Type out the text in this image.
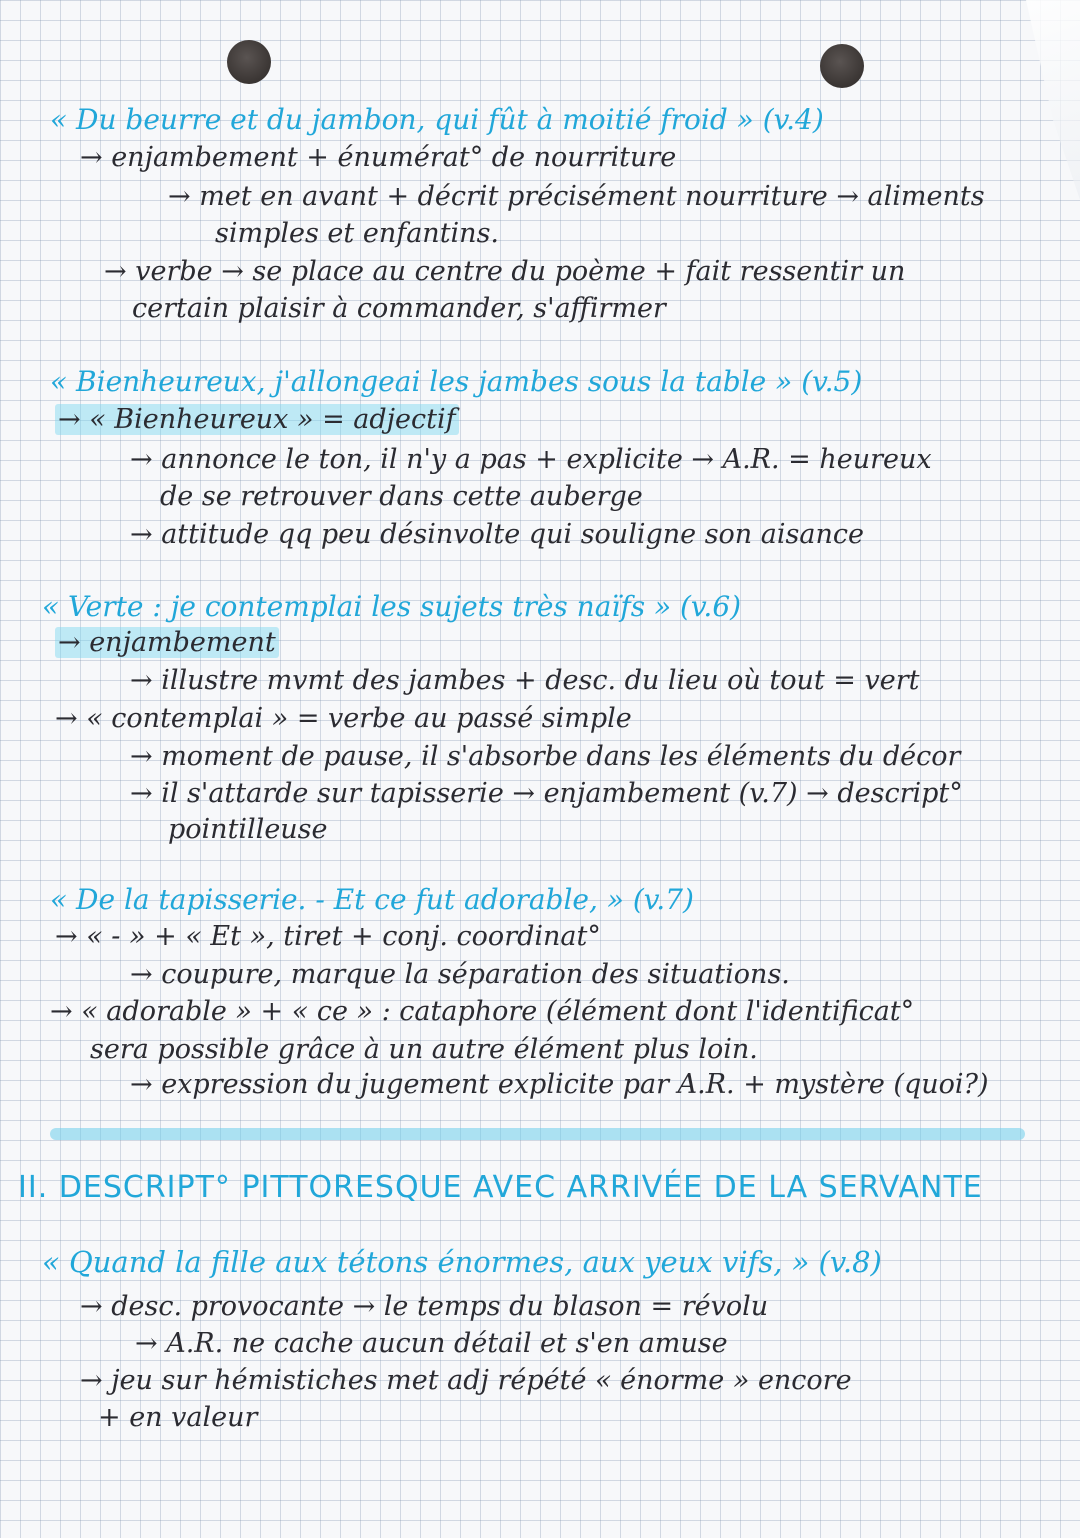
« Du beurre et du jambon, qui fût à moitié froid » (v.4)
→ enjambement + énumérat° de nourriture
→ met en avant + décrit précisément nourriture → aliments
simples et enfantins.
→ verbe → se place au centre du poème + fait ressentir un
certain plaisir à commander, s'affirmer
« Bienheureux, j'allongeai les jambes sous la table » (v.5)
→ « Bienheureux » = adjectif
→ annonce le ton, il n'y a pas + explicite → A.R. = heureux
de se retrouver dans cette auberge
→ attitude qq peu désinvolte qui souligne son aisance
« Verte : je contemplai les sujets très naïfs » (v.6)
→ enjambement
→ illustre mvmt des jambes + desc. du lieu où tout = vert
→ « contemplai » = verbe au passé simple
→ moment de pause, il s'absorbe dans les éléments du décor
→ il s'attarde sur tapisserie → enjambement (v.7) → descript°
pointilleuse
« De la tapisserie. - Et ce fut adorable, » (v.7)
→ « - » + « Et », tiret + conj. coordinat°
→ coupure, marque la séparation des situations.
→ « adorable » + « ce » : cataphore (élément dont l'identificat°
sera possible grâce à un autre élément plus loin.
→ expression du jugement explicite par A.R. + mystère (quoi?)
II. DESCRIPT° PITTORESQUE AVEC ARRIVÉE DE LA SERVANTE
« Quand la fille aux tétons énormes, aux yeux vifs, » (v.8)
→ desc. provocante → le temps du blason = révolu
→ A.R. ne cache aucun détail et s'en amuse
→ jeu sur hémistiches met adj répété « énorme » encore
+ en valeur
